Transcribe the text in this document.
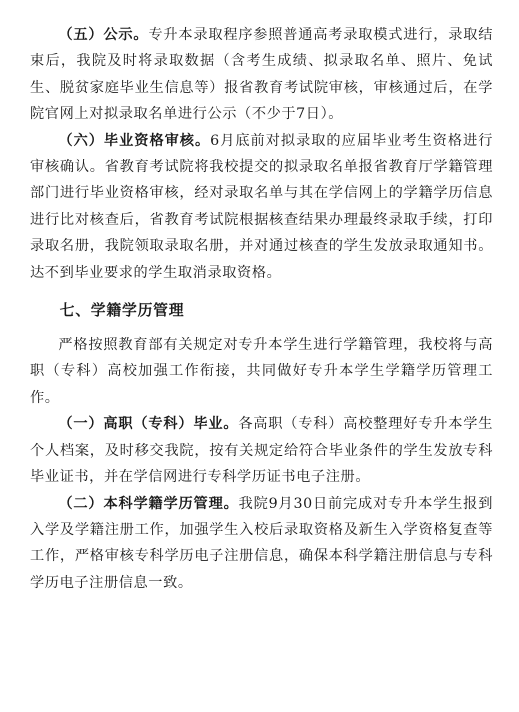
（五）公示。专升本录取程序参照普通高考录取模式进行，录取结束后，我院及时将录取数据（含考生成绩、拟录取名单、照片、免试生、脱贫家庭毕业生信息等）报省教育考试院审核，审核通过后，在学院官网上对拟录取名单进行公示（不少于7日）。

（六）毕业资格审核。6月底前对拟录取的应届毕业考生资格进行审核确认。省教育考试院将我校提交的拟录取名单报省教育厅学籍管理部门进行毕业资格审核，经对录取名单与其在学信网上的学籍学历信息进行比对核查后，省教育考试院根据核查结果办理最终录取手续，打印录取名册，我院领取录取名册，并对通过核查的学生发放录取通知书。达不到毕业要求的学生取消录取资格。

七、学籍学历管理

严格按照教育部有关规定对专升本学生进行学籍管理，我校将与高职（专科）高校加强工作衔接，共同做好专升本学生学籍学历管理工作。

（一）高职（专科）毕业。各高职（专科）高校整理好专升本学生个人档案，及时移交我院，按有关规定给符合毕业条件的学生发放专科毕业证书，并在学信网进行专科学历证书电子注册。

（二）本科学籍学历管理。我院9月30日前完成对专升本学生报到入学及学籍注册工作，加强学生入校后录取资格及新生入学资格复查等工作，严格审核专科学历电子注册信息，确保本科学籍注册信息与专科学历电子注册信息一致。
